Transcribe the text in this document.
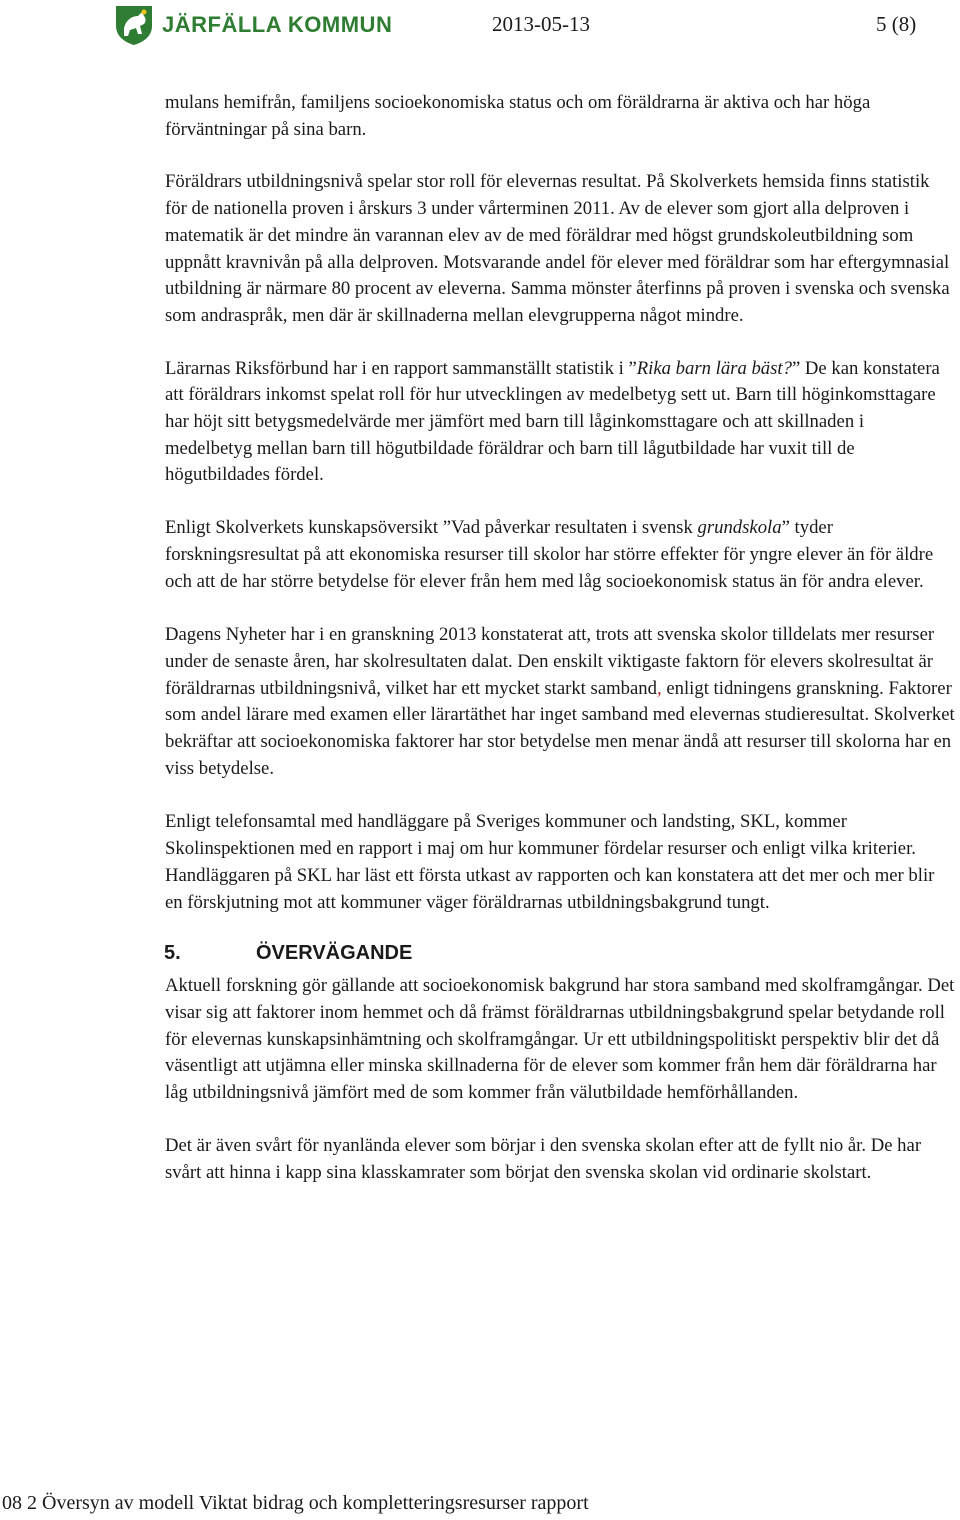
JÄRFÄLLA KOMMUN	2013-05-13	5 (8)

mulans hemifrån, familjens socioekonomiska status och om föräldrarna är aktiva och har höga förväntningar på sina barn.

Föräldrars utbildningsnivå spelar stor roll för elevernas resultat. På Skolverkets hemsida finns statistik för de nationella proven i årskurs 3 under vårterminen 2011. Av de elever som gjort alla delproven i matematik är det mindre än varannan elev av de med föräldrar med högst grundskoleutbildning som uppnått kravnivån på alla delproven. Motsvarande andel för elever med föräldrar som har eftergymnasial utbildning är närmare 80 procent av eleverna. Samma mönster återfinns på proven i svenska och svenska som andraspråk, men där är skillnaderna mellan elevgrupperna något mindre.

Lärarnas Riksförbund har i en rapport sammanställt statistik i ”Rika barn lära bäst?” De kan konstatera att föräldrars inkomst spelat roll för hur utvecklingen av medelbetyg sett ut. Barn till höginkomsttagare har höjt sitt betygsmedelvärde mer jämfört med barn till låginkomsttagare och att skillnaden i medelbetyg mellan barn till högutbildade föräldrar och barn till lågutbildade har vuxit till de högutbildades fördel.

Enligt Skolverkets kunskapsöversikt ”Vad påverkar resultaten i svensk grundskola” tyder forskningsresultat på att ekonomiska resurser till skolor har större effekter för yngre elever än för äldre och att de har större betydelse för elever från hem med låg socioekonomisk status än för andra elever.

Dagens Nyheter har i en granskning 2013 konstaterat att, trots att svenska skolor tilldelats mer resurser under de senaste åren, har skolresultaten dalat. Den enskilt viktigaste faktorn för elevers skolresultat är föräldrarnas utbildningsnivå, vilket har ett mycket starkt samband, enligt tidningens granskning. Faktorer som andel lärare med examen eller lärartäthet har inget samband med elevernas studieresultat. Skolverket bekräftar att socioekonomiska faktorer har stor betydelse men menar ändå att resurser till skolorna har en viss betydelse.

Enligt telefonsamtal med handläggare på Sveriges kommuner och landsting, SKL, kommer Skolinspektionen med en rapport i maj om hur kommuner fördelar resurser och enligt vilka kriterier. Handläggaren på SKL har läst ett första utkast av rapporten och kan konstatera att det mer och mer blir en förskjutning mot att kommuner väger föräldrarnas utbildningsbakgrund tungt.

5.	ÖVERVÄGANDE

Aktuell forskning gör gällande att socioekonomisk bakgrund har stora samband med skolframgångar. Det visar sig att faktorer inom hemmet och då främst föräldrarnas utbildningsbakgrund spelar betydande roll för elevernas kunskapsinhämtning och skolframgångar. Ur ett utbildningspolitiskt perspektiv blir det då väsentligt att utjämna eller minska skillnaderna för de elever som kommer från hem där föräldrarna har låg utbildningsnivå jämfört med de som kommer från välutbildade hemförhållanden.

Det är även svårt för nyanlända elever som börjar i den svenska skolan efter att de fyllt nio år. De har svårt att hinna i kapp sina klasskamrater som börjat den svenska skolan vid ordinarie skolstart.

08 2 Översyn av modell Viktat bidrag och kompletteringsresurser rapport
